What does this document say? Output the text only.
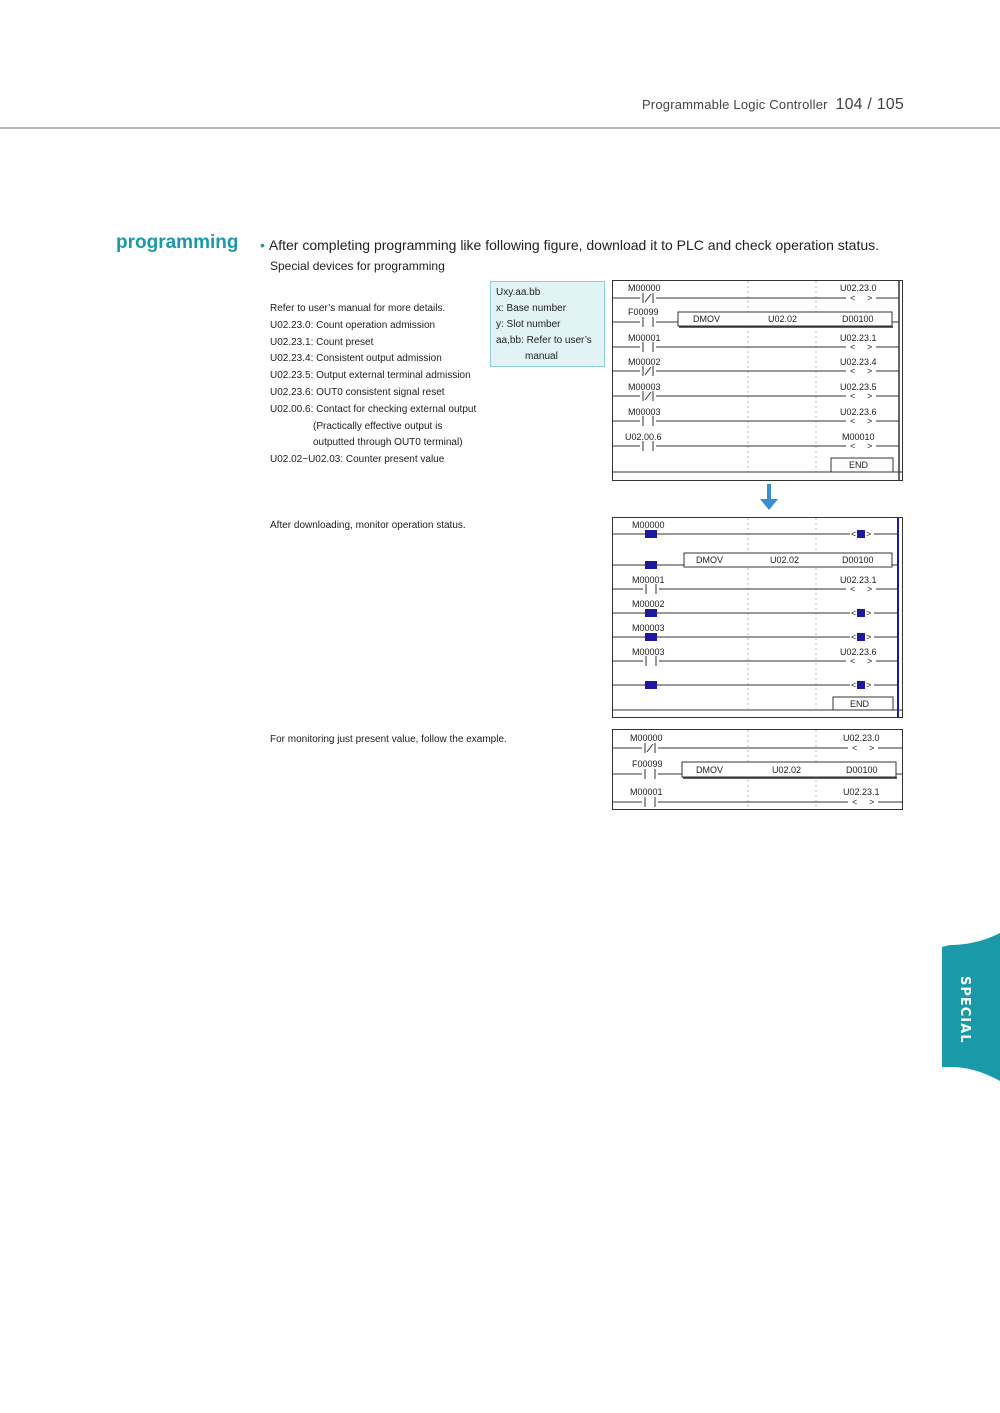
Programmable Logic Controller 104 / 105
programming • After completing programming like following figure, download it to PLC and check operation status.
Special devices for programming
Refer to user’s manual for more details.
U02.23.0: Count operation admission
U02.23.1: Count preset
U02.23.4: Consistent output admission
U02.23.5: Output external terminal admission
U02.23.6: OUT0 consistent signal reset
U02.00.6: Contact for checking external output
(Practically effective output is
outputted through OUT0 terminal)
U02.02~U02.03: Counter present value
Uxy.aa.bb
x: Base number
y: Slot number
aa,bb: Refer to user’s
manual
M00000
< >
U02.23.0
F00099
DMOV	U02.02	D00100
M00001
< >
U02.23.1
M00002
< >
U02.23.4
M00003
< >
U02.23.5
M00003
< >
U02.23.6
U02.00.6
< >
M00010
END
M00000
< >
DMOV	U02.02	D00100
M00001
< >
U02.23.1
M00002
< >
M00003
< >
M00003
< >
U02.23.6
< >
END
M00000
< >
U02.23.0
F00099
DMOV	U02.02	D00100
M00001
< >
U02.23.1
After downloading, monitor operation status.
For monitoring just present value, follow the example.
SPECIAL
